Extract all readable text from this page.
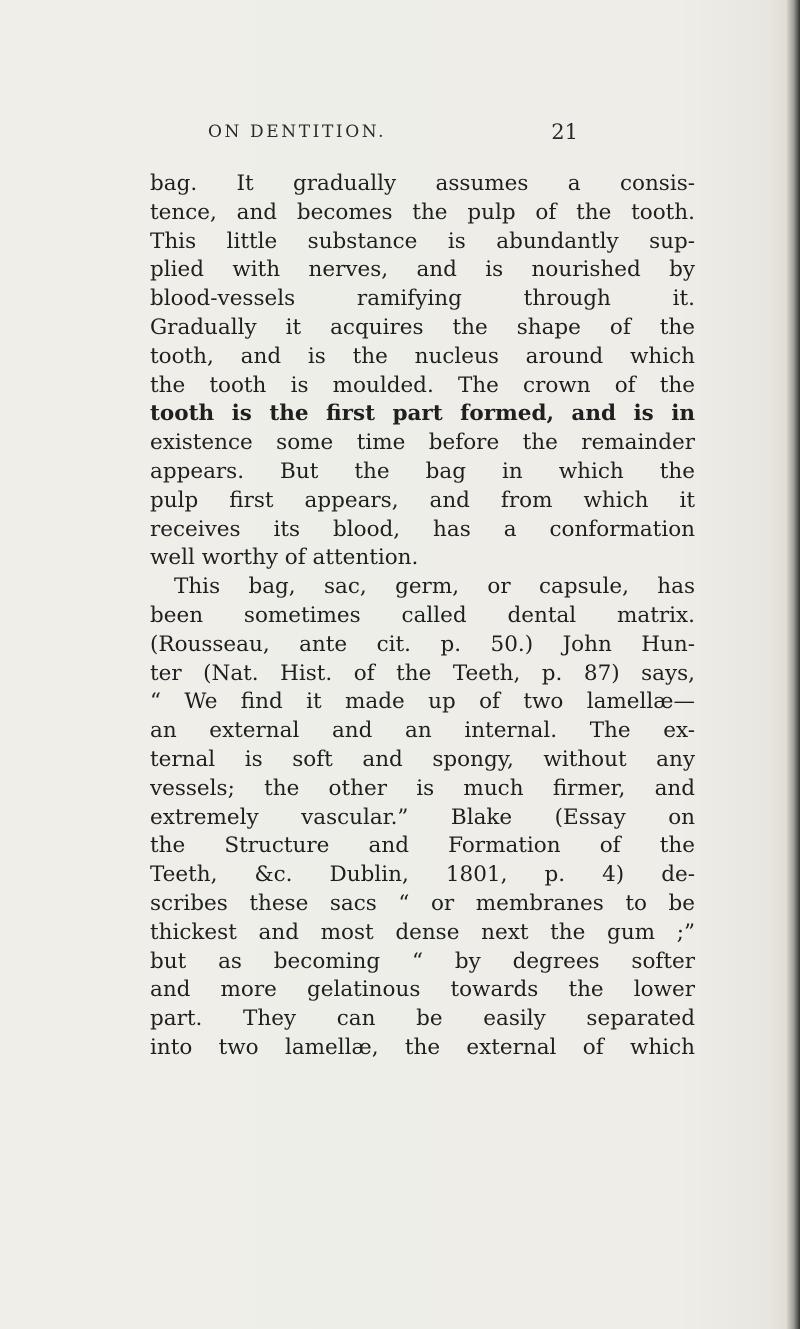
ON DENTITION.	21
bag. It gradually assumes a consis-
tence, and becomes the pulp of the tooth.
This little substance is abundantly sup-
plied with nerves, and is nourished by
blood-vessels ramifying through it.
Gradually it acquires the shape of the
tooth, and is the nucleus around which
the tooth is moulded. The crown of the
tooth is the first part formed, and is in
existence some time before the remainder
appears. But the bag in which the
pulp first appears, and from which it
receives its blood, has a conformation
well worthy of attention.
This bag, sac, germ, or capsule, has
been sometimes called dental matrix.
(Rousseau, ante cit. p. 50.) John Hun-
ter (Nat. Hist. of the Teeth, p. 87) says,
“ We find it made up of two lamellæ—
an external and an internal. The ex-
ternal is soft and spongy, without any
vessels; the other is much firmer, and
extremely vascular.” Blake (Essay on
the Structure and Formation of the
Teeth, &c. Dublin, 1801, p. 4) de-
scribes these sacs “ or membranes to be
thickest and most dense next the gum ;”
but as becoming “ by degrees softer
and more gelatinous towards the lower
part. They can be easily separated
into two lamellæ, the external of which
